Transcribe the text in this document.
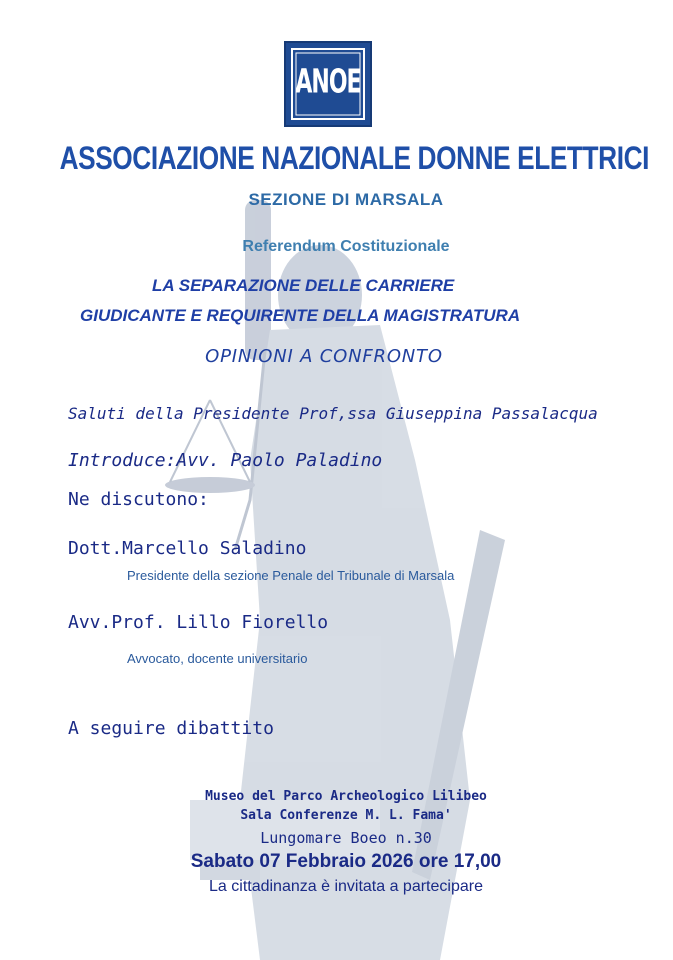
ANOE
ASSOCIAZIONE NAZIONALE DONNE ELETTRICI
SEZIONE DI MARSALA
Referendum Costituzionale
LA SEPARAZIONE DELLE CARRIERE
GIUDICANTE E REQUIRENTE DELLA MAGISTRATURA
OPINIONI A CONFRONTO
Saluti della Presidente Prof,ssa Giuseppina Passalacqua
Introduce:Avv. Paolo Paladino
Ne discutono:
Dott.Marcello Saladino
Presidente della sezione Penale del Tribunale di Marsala
Avv.Prof. Lillo Fiorello
Avvocato, docente universitario
A seguire dibattito
Museo del Parco Archeologico Lilibeo
Sala Conferenze M. L. Fama'
Lungomare Boeo n.30
Sabato 07 Febbraio 2026 ore 17,00
La cittadinanza è invitata a partecipare
